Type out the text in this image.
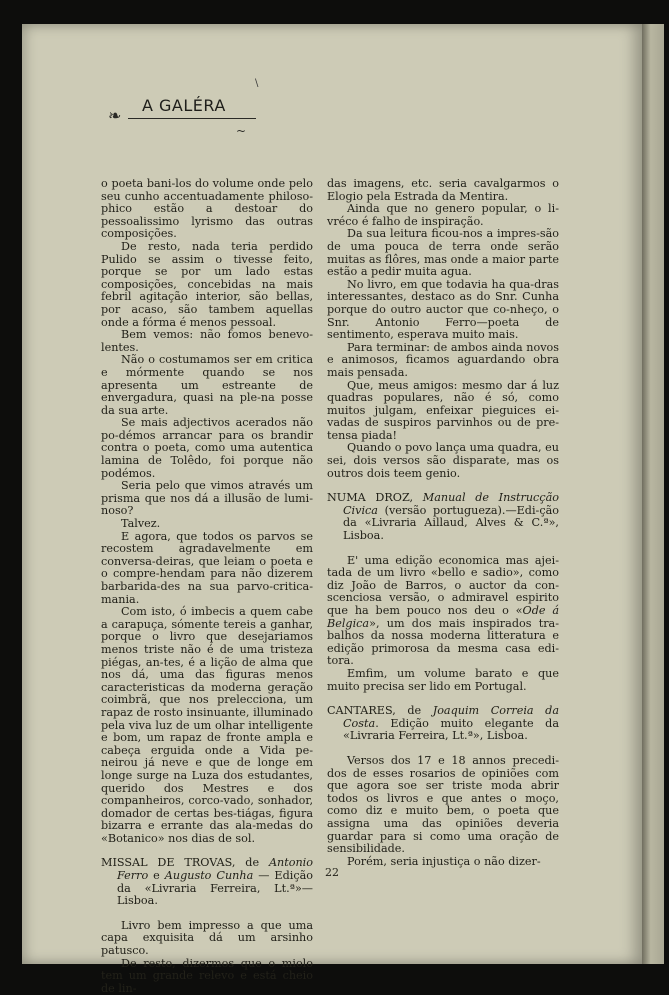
\
❧
A GALÉRA
~

o poeta bani-los do volume onde pelo seu cunho accentuadamente philoso-phico estão a destoar do pessoalissimo lyrismo das outras composições.

De resto, nada teria perdido Pulido se assim o tivesse feito, porque se por um lado estas composições, concebidas na mais febril agitação interior, são bellas, por acaso, são tambem aquellas onde a fórma é menos pessoal.

Bem vemos: não fomos benevo-lentes.

Não o costumamos ser em critica e mórmente quando se nos apresenta um estreante de envergadura, quasi na ple-na posse da sua arte.

Se mais adjectivos acerados não po-démos arrancar para os brandir contra o poeta, como uma autentica lamina de Tolêdo, foi porque não podémos.

Seria pelo que vimos através um prisma que nos dá a illusão de lumi-noso?

Talvez.

E agora, que todos os parvos se recostem agradavelmente em conversa-deiras, que leiam o poeta e o compre-hendam para não dizerem barbarida-des na sua parvo-critica-mania.

Com isto, ó imbecis a quem cabe a carapuça, sómente tereis a ganhar, porque o livro que desejariamos menos triste não é de uma tristeza piégas, an-tes, é a lição de alma que nos dá, uma das figuras menos caracteristicas da moderna geração coimbrã, que nos prelecciona, um rapaz de rosto insinuante, illuminado pela viva luz de um olhar intelligente e bom, um rapaz de fronte ampla e cabeça erguida onde a Vida pe-neirou já neve e que de longe em longe surge na Luza dos estudantes, querido dos Mestres e dos companheiros, corco-vado, sonhador, domador de certas bes-tiágas, figura bizarra e errante das ala-medas do «Botanico» nos dias de sol.

MISSAL DE TROVAS, de Antonio Ferro e Augusto Cunha — Edição da «Livraria Ferreira, Lt.ª»—Lisboa.

Livro bem impresso a que uma capa exquisita dá um arsinho patusco.

De resto, dizermos que o miolo tem um grande relevo e está cheio de lin-

das imagens, etc. seria cavalgarmos o Elogio pela Estrada da Mentira.

Ainda que no genero popular, o li-vréco é falho de inspiração.

Da sua leitura ficou-nos a impres-são de uma pouca de terra onde serão muitas as flôres, mas onde a maior parte estão a pedir muita agua.

No livro, em que todavia ha qua-dras interessantes, destaco as do Snr. Cunha porque do outro auctor que co-nheço, o Snr. Antonio Ferro—poeta de sentimento, esperava muito mais.

Para terminar: de ambos ainda novos e animosos, ficamos aguardando obra mais pensada.

Que, meus amigos: mesmo dar á luz quadras populares, não é só, como muitos julgam, enfeixar pieguices ei-vadas de suspiros parvinhos ou de pre-tensa piada!

Quando o povo lança uma quadra, eu sei, dois versos são disparate, mas os outros dois teem genio.

NUMA DROZ, Manual de Instrucção Civica (versão portugueza).—Edi-ção da «Livraria Aillaud, Alves & C.ª», Lisboa.

E' uma edição economica mas ajei-tada de um livro «bello e sadio», como diz João de Barros, o auctor da con-scenciosa versão, o admiravel espirito que ha bem pouco nos deu o «Ode á Belgica», um dos mais inspirados tra-balhos da nossa moderna litteratura e edição primorosa da mesma casa edi-tora.

Emfim, um volume barato e que muito precisa ser lido em Portugal.

CANTARES, de Joaquim Correia da Costa. Edição muito elegante da «Livraria Ferreira, Lt.ª», Lisboa.

Versos dos 17 e 18 annos precedi-dos de esses rosarios de opiniões com que agora soe ser triste moda abrir todos os livros e que antes o moço, como diz e muito bem, o poeta que assigna uma das opiniões deveria guardar para si como uma oração de sensibilidade.

Porém, seria injustiça o não dizer-

22
